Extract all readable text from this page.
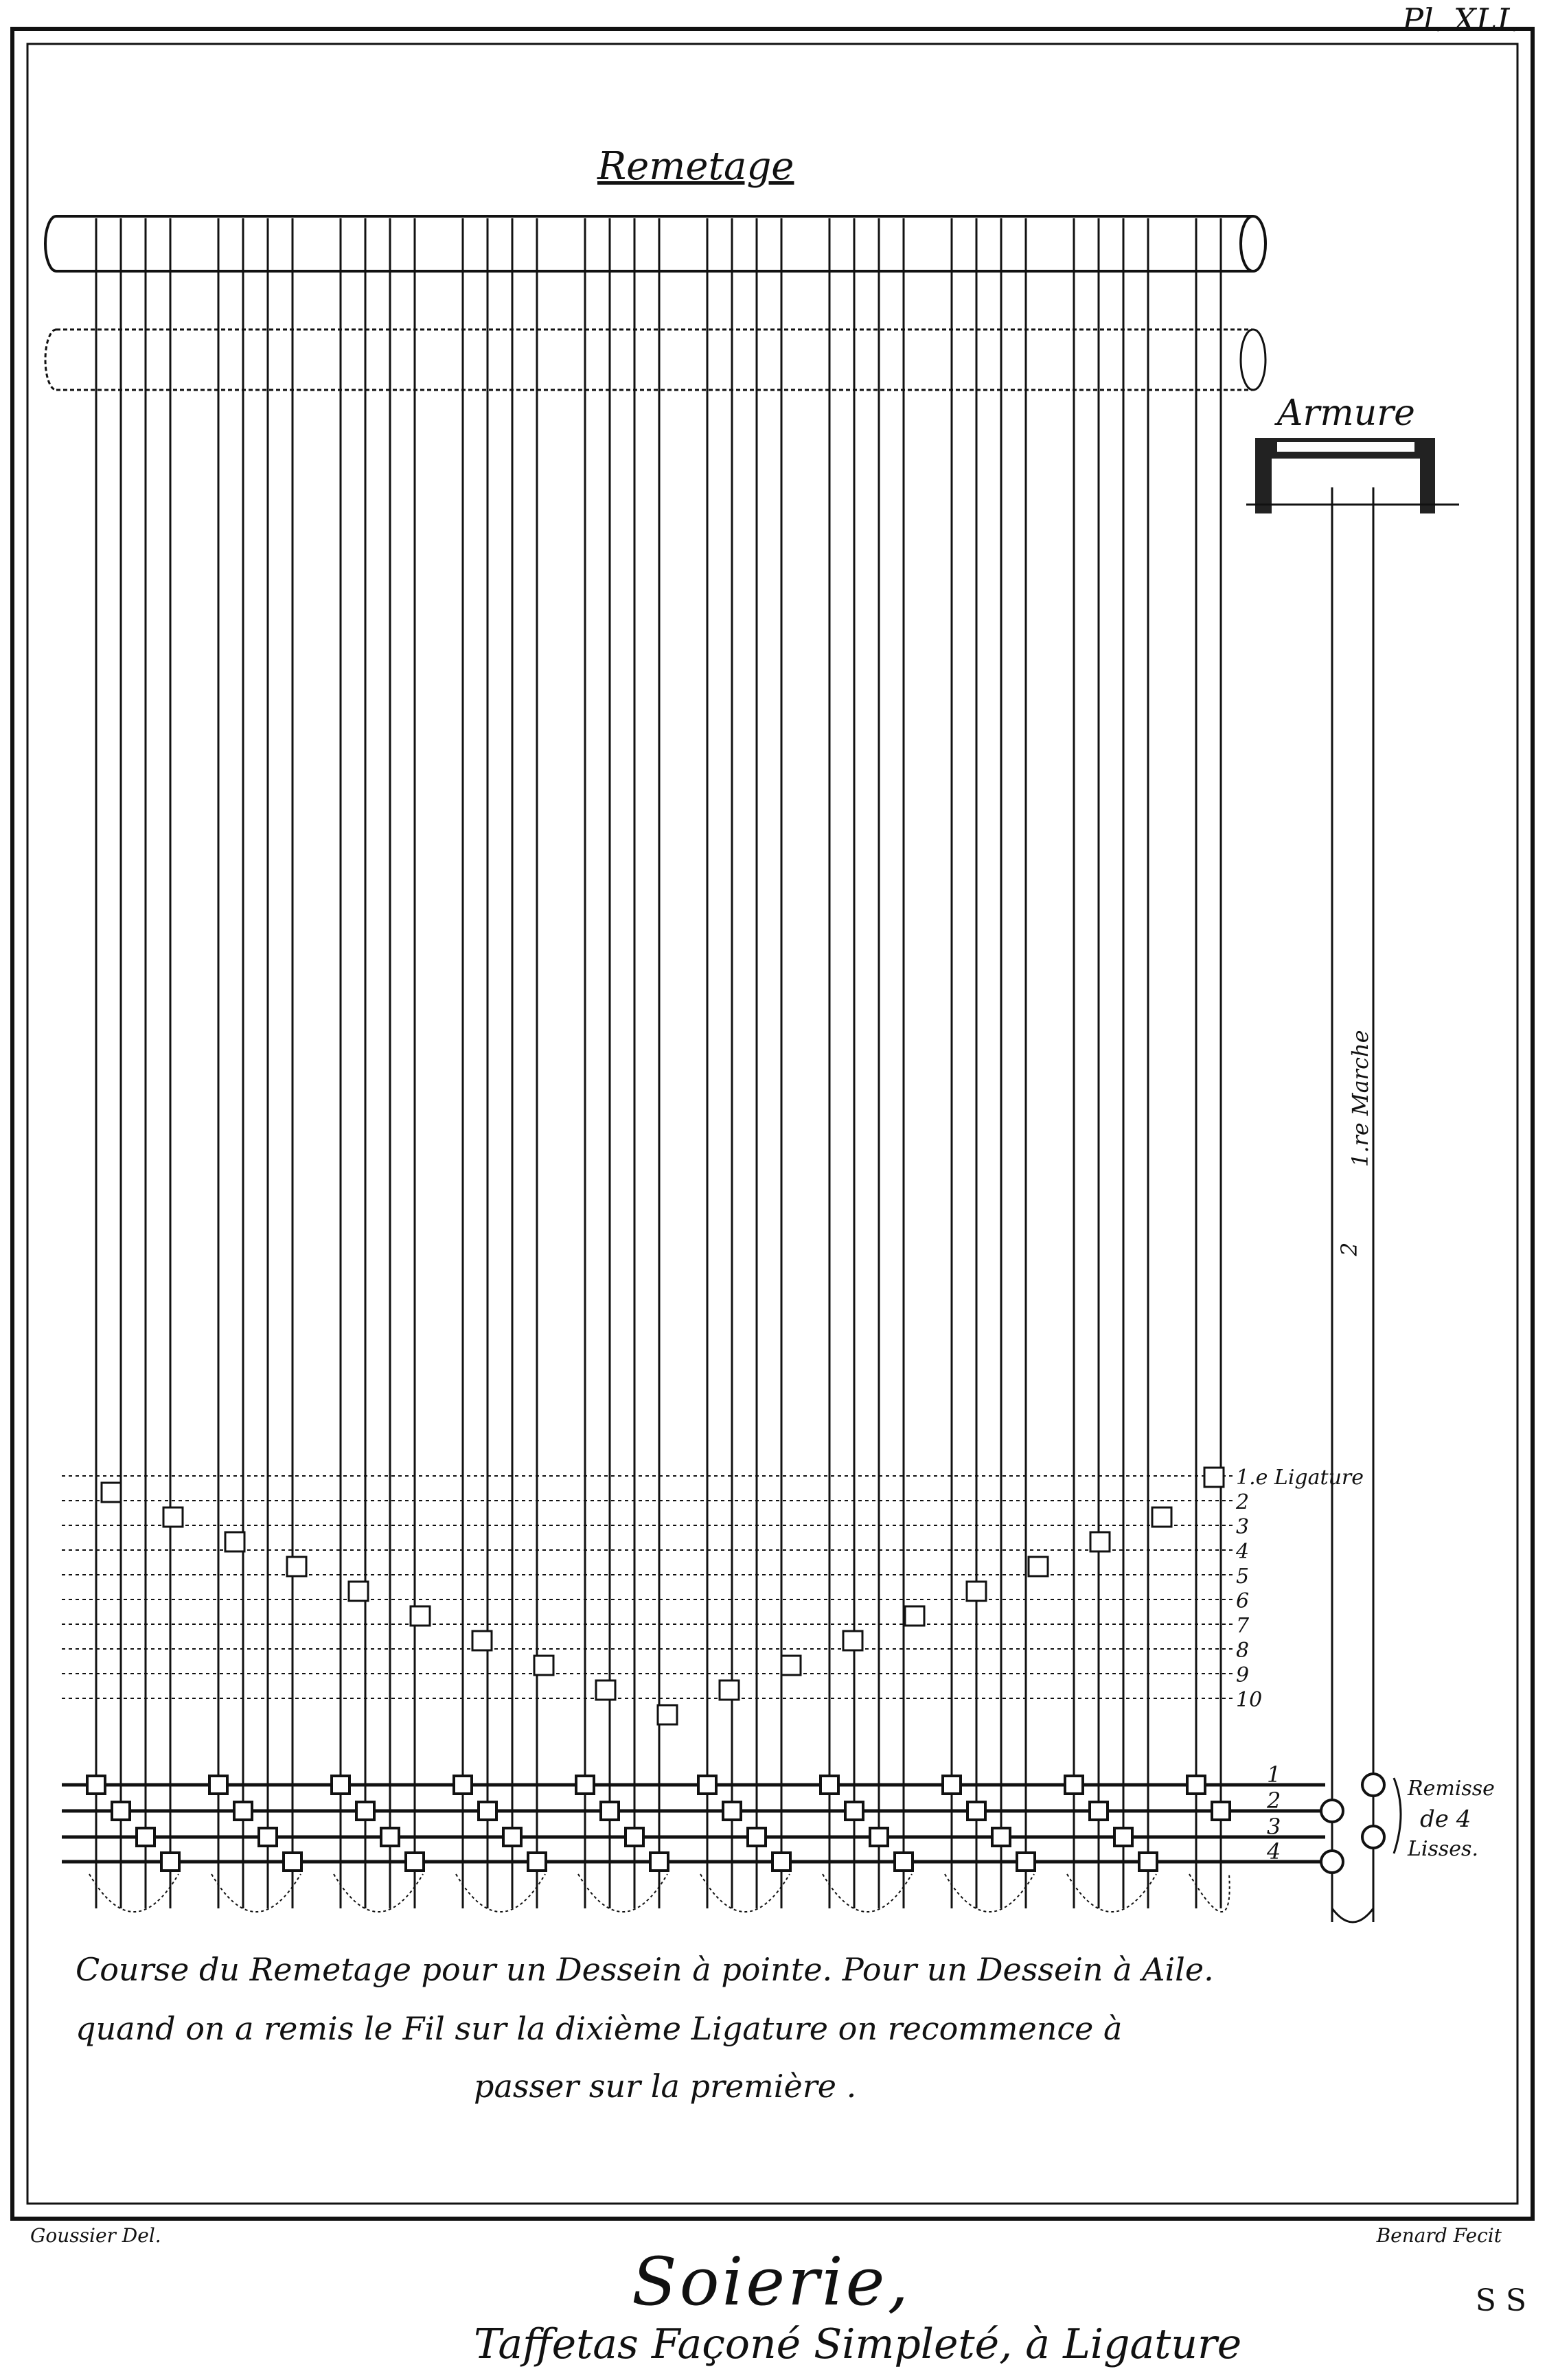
1.e Ligature
2
3
4
5
6
7
8
9
10
1
2
3
4
Pl. XLI.
Remetage
Armure
1.re Marche
2
Remisse
de 4
Lisses.
Course du Remetage pour un Dessein à pointe. Pour un Dessein à Aile.
quand on a remis le Fil sur la dixième Ligature on recommence à
passer sur la première .
Goussier Del.	Benard Fecit
Soierie,
Taffetas Façoné Simpleté, à Ligature
S S
